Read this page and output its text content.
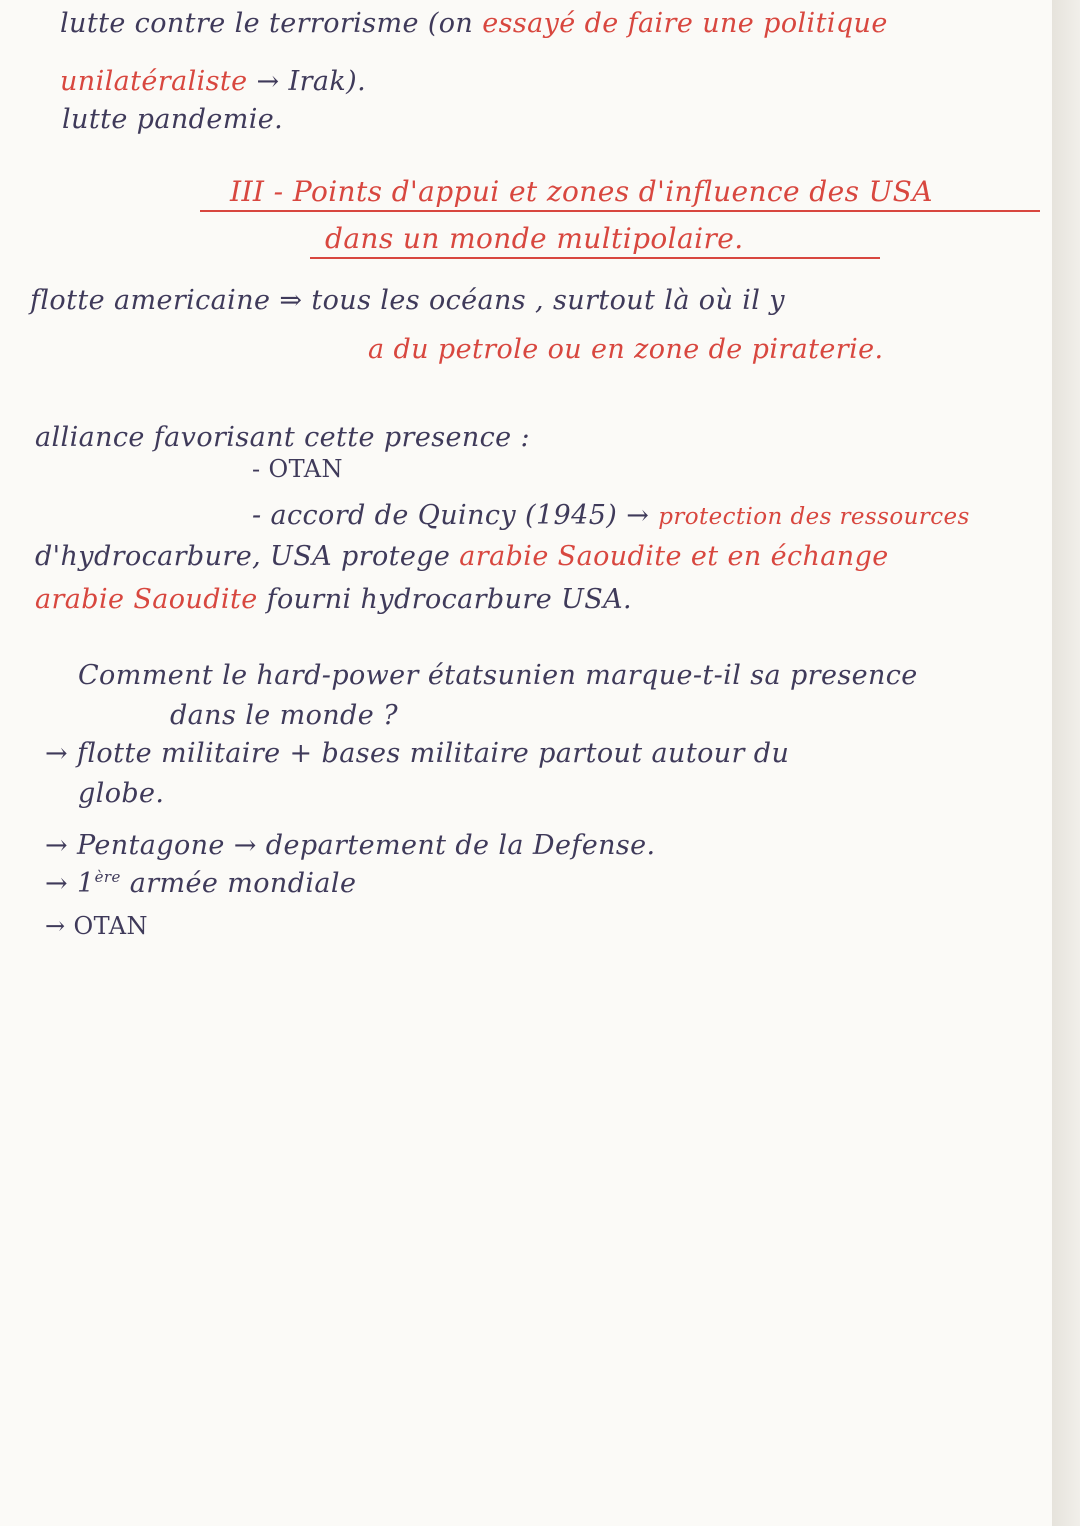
lutte contre le terrorisme (on essayé de faire une politique
unilatéraliste → Irak).
lutte pandemie.
III - Points d'appui et zones d'influence des USA
dans un monde multipolaire.
flotte americaine ⇒ tous les océans , surtout là où il y
a du petrole ou en zone de piraterie.
alliance favorisant cette presence :
- OTAN
- accord de Quincy (1945) → protection des ressources
d'hydrocarbure, USA protege arabie Saoudite et en échange
arabie Saoudite fourni hydrocarbure USA.
Comment le hard-power étatsunien marque-t-il sa presence
dans le monde ?
→ flotte militaire + bases militaire partout autour du
globe.
→ Pentagone → departement de la Defense.
→ 1ère armée mondiale
→ OTAN
